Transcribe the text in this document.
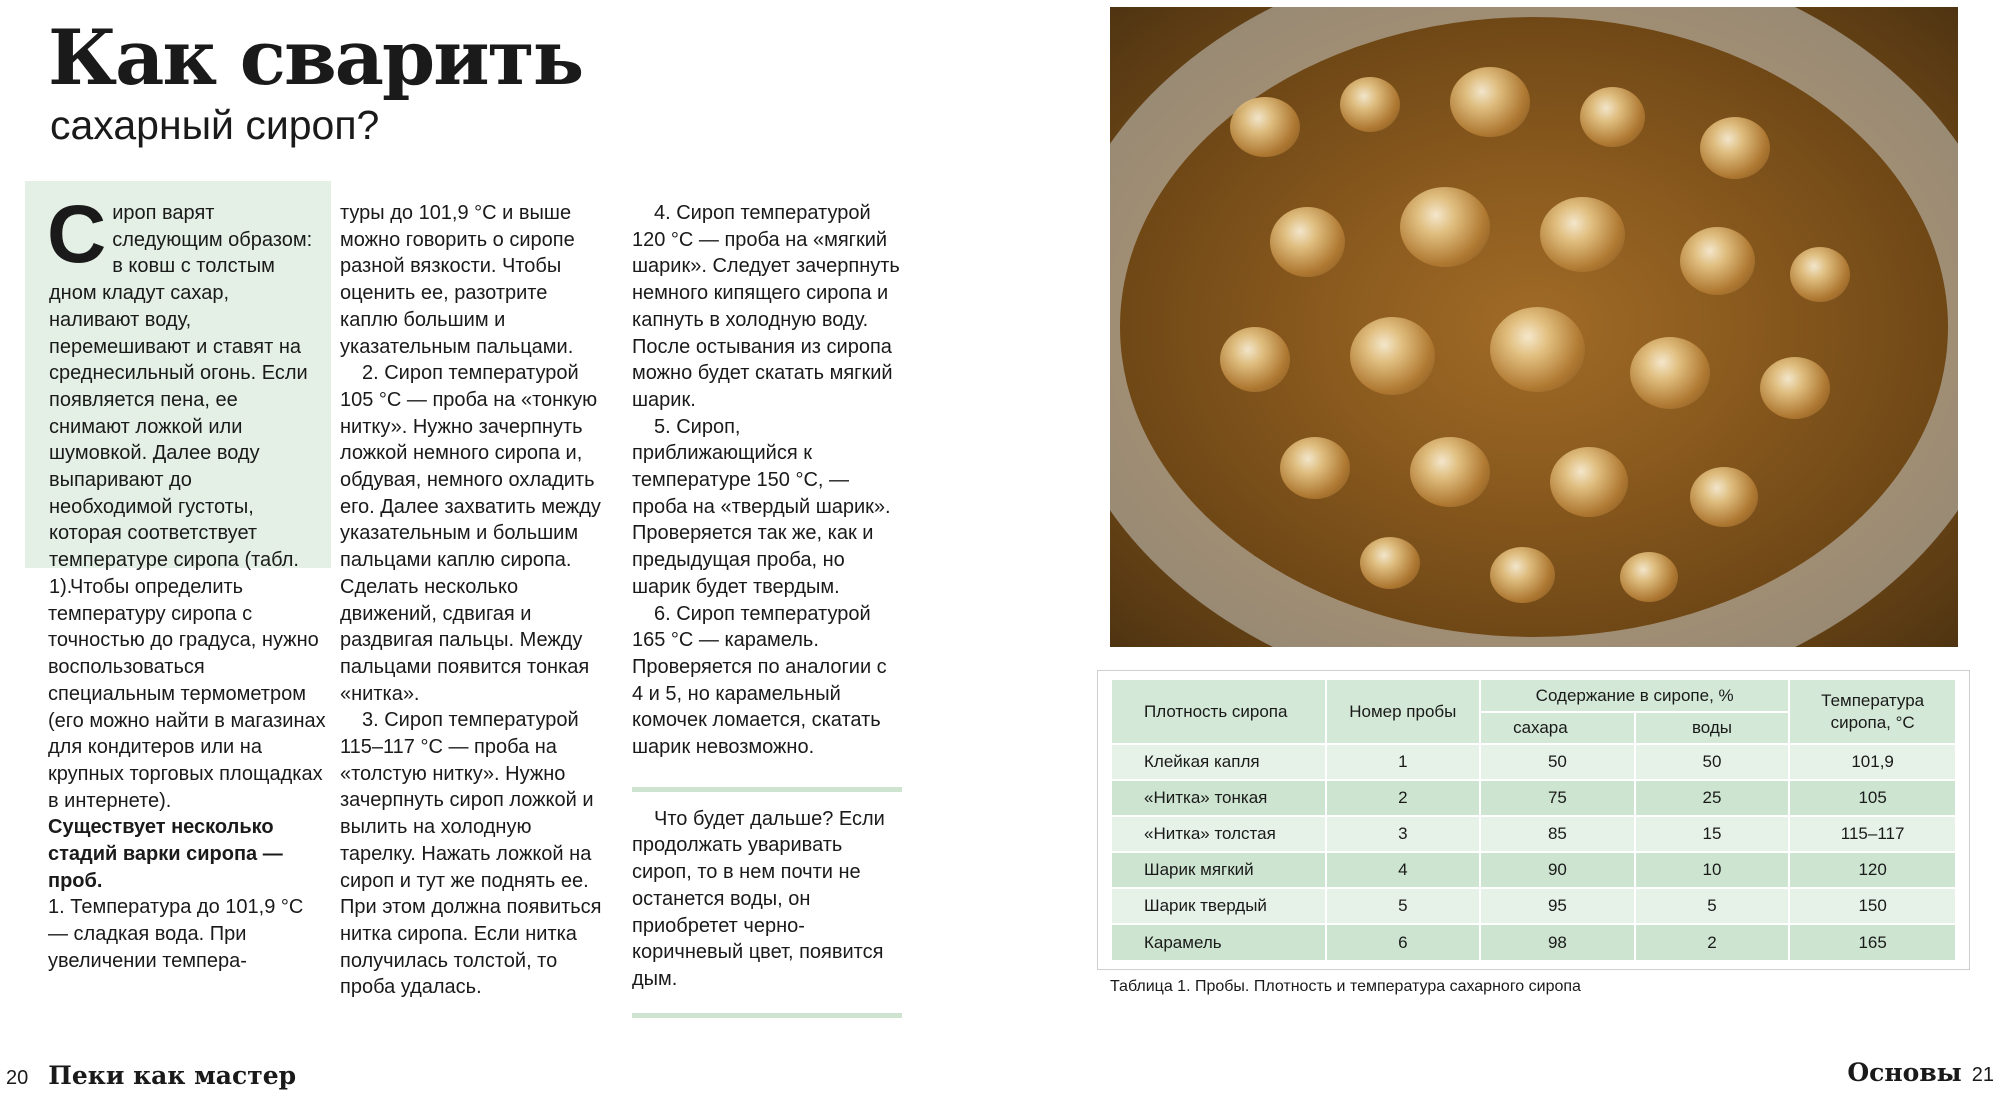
Как сварить
сахарный сироп?
Сироп варят следующим образом: в ковш с толстым дном кладут сахар, наливают воду, перемешивают и ставят на среднесильный огонь. Если появляется пена, ее снимают ложкой или шумовкой. Далее воду выпаривают до необходимой густоты, которая соответствует температуре сиропа (табл. 1).

Чтобы определить температуру сиропа с точностью до градуса, нужно воспользоваться специальным термометром (его можно найти в магазинах для кондитеров или на крупных торговых площадках в интернете).

Существует несколько стадий варки сиропа — проб.

1. Температура до 101,9 °С — сладкая вода. При увеличении темпера-

туры до 101,9 °С и выше можно говорить о сиропе разной вязкости. Чтобы оценить ее, разотрите каплю большим и указательным пальцами.

2. Сироп температурой 105 °С — проба на «тонкую нитку». Нужно зачерпнуть ложкой немного сиропа и, обдувая, немного охладить его. Далее захватить между указательным и большим пальцами каплю сиропа. Сделать несколько движений, сдвигая и раздвигая пальцы. Между пальцами появится тонкая «нитка».

3. Сироп температурой 115–117 °С — проба на «толстую нитку». Нужно зачерпнуть сироп ложкой и вылить на холодную тарелку. Нажать ложкой на сироп и тут же поднять ее. При этом должна появиться нитка сиропа. Если нитка получилась толстой, то проба удалась.

4. Сироп температурой 120 °С — проба на «мягкий шарик». Следует зачерпнуть немного кипящего сиропа и капнуть в холодную воду. После остывания из сиропа можно будет скатать мягкий шарик.

5. Сироп, приближающийся к температуре 150 °С, — проба на «твердый шарик». Проверяется так же, как и предыдущая проба, но шарик будет твердым.

6. Сироп температурой 165 °С — карамель. Проверяется по аналогии с 4 и 5, но карамельный комочек ломается, скатать шарик невозможно.

Что будет дальше? Если продолжать уваривать сироп, то в нем почти не останется воды, он приобретет черно-коричневый цвет, появится дым.

Плотность сиропа	Номер пробы	Содержание в сиропе, %		Температура сиропа, °С
		сахара	воды	
Клейкая капля	1	50	50	101,9
«Нитка» тонкая	2	75	25	105
«Нитка» толстая	3	85	15	115–117
Шарик мягкий	4	90	10	120
Шарик твердый	5	95	5	150
Карамель	6	98	2	165
Таблица 1. Пробы. Плотность и температура сахарного сиропа
20 Пеки как мастер	Основы 21
